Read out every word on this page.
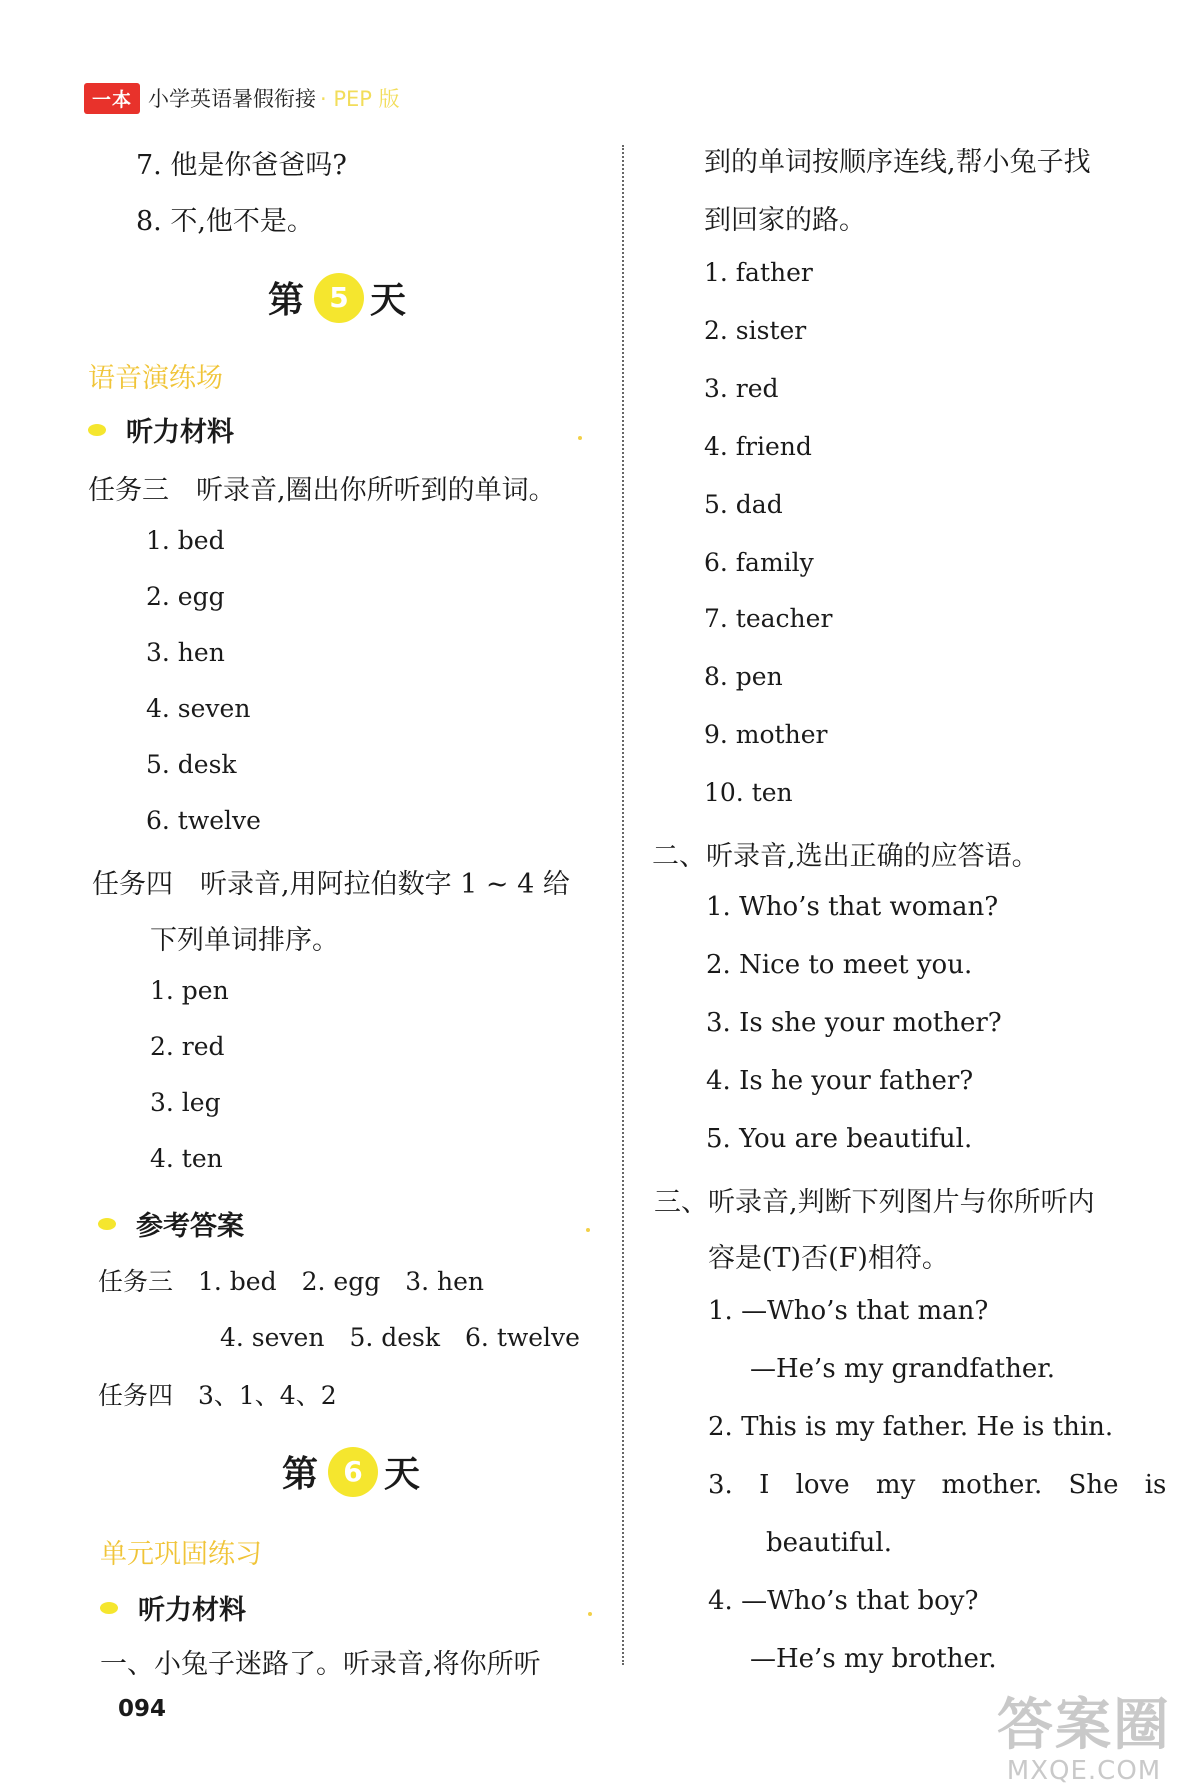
一本 小学英语暑假衔接 · PEP 版
7. 他是你爸爸吗?
8. 不,他不是。
第 5 天
语音演练场
听力材料
任务三　听录音,圈出你所听到的单词。
1. bed
2. egg
3. hen
4. seven
5. desk
6. twelve
任务四　听录音,用阿拉伯数字 1 ~ 4 给
下列单词排序。
1. pen
2. red
3. leg
4. ten
参考答案
任务三　1. bed　2. egg　3. hen
4. seven　5. desk　6. twelve
任务四　3、1、4、2
第 6 天
单元巩固练习
听力材料
一、小兔子迷路了。听录音,将你所听
094
到的单词按顺序连线,帮小兔子找
到回家的路。
1. father
2. sister
3. red
4. friend
5. dad
6. family
7. teacher
8. pen
9. mother
10. ten
二、听录音,选出正确的应答语。
1. Who’s that woman?
2. Nice to meet you.
3. Is she your mother?
4. Is he your father?
5. You are beautiful.
三、听录音,判断下列图片与你所听内
容是(T)否(F)相符。
1. —Who’s that man?
—He’s my grandfather.
2. This is my father. He is thin.
3. I love my mother. She is
beautiful.
4. —Who’s that boy?
—He’s my brother.
答案圈
MXQE.COM
